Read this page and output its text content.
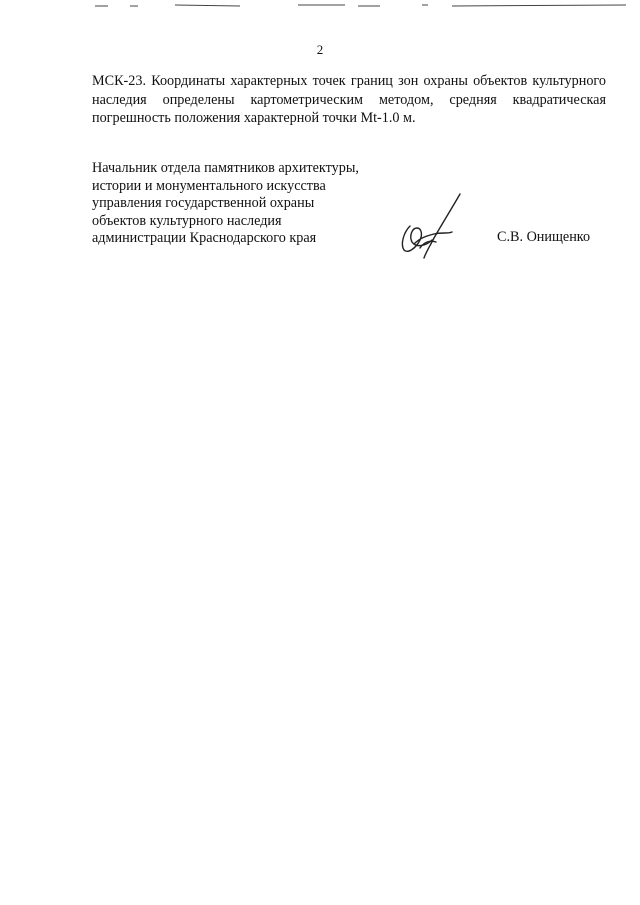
2
МСК-23. Координаты характерных точек границ зон охраны объектов культурного
наследия определены картометрическим методом, средняя квадратическая
погрешность положения характерной точки Mt-1.0 м.
Начальник отдела памятников архитектуры,
истории и монументального искусства
управления государственной охраны
объектов культурного наследия
администрации Краснодарского края	С.В. Онищенко
